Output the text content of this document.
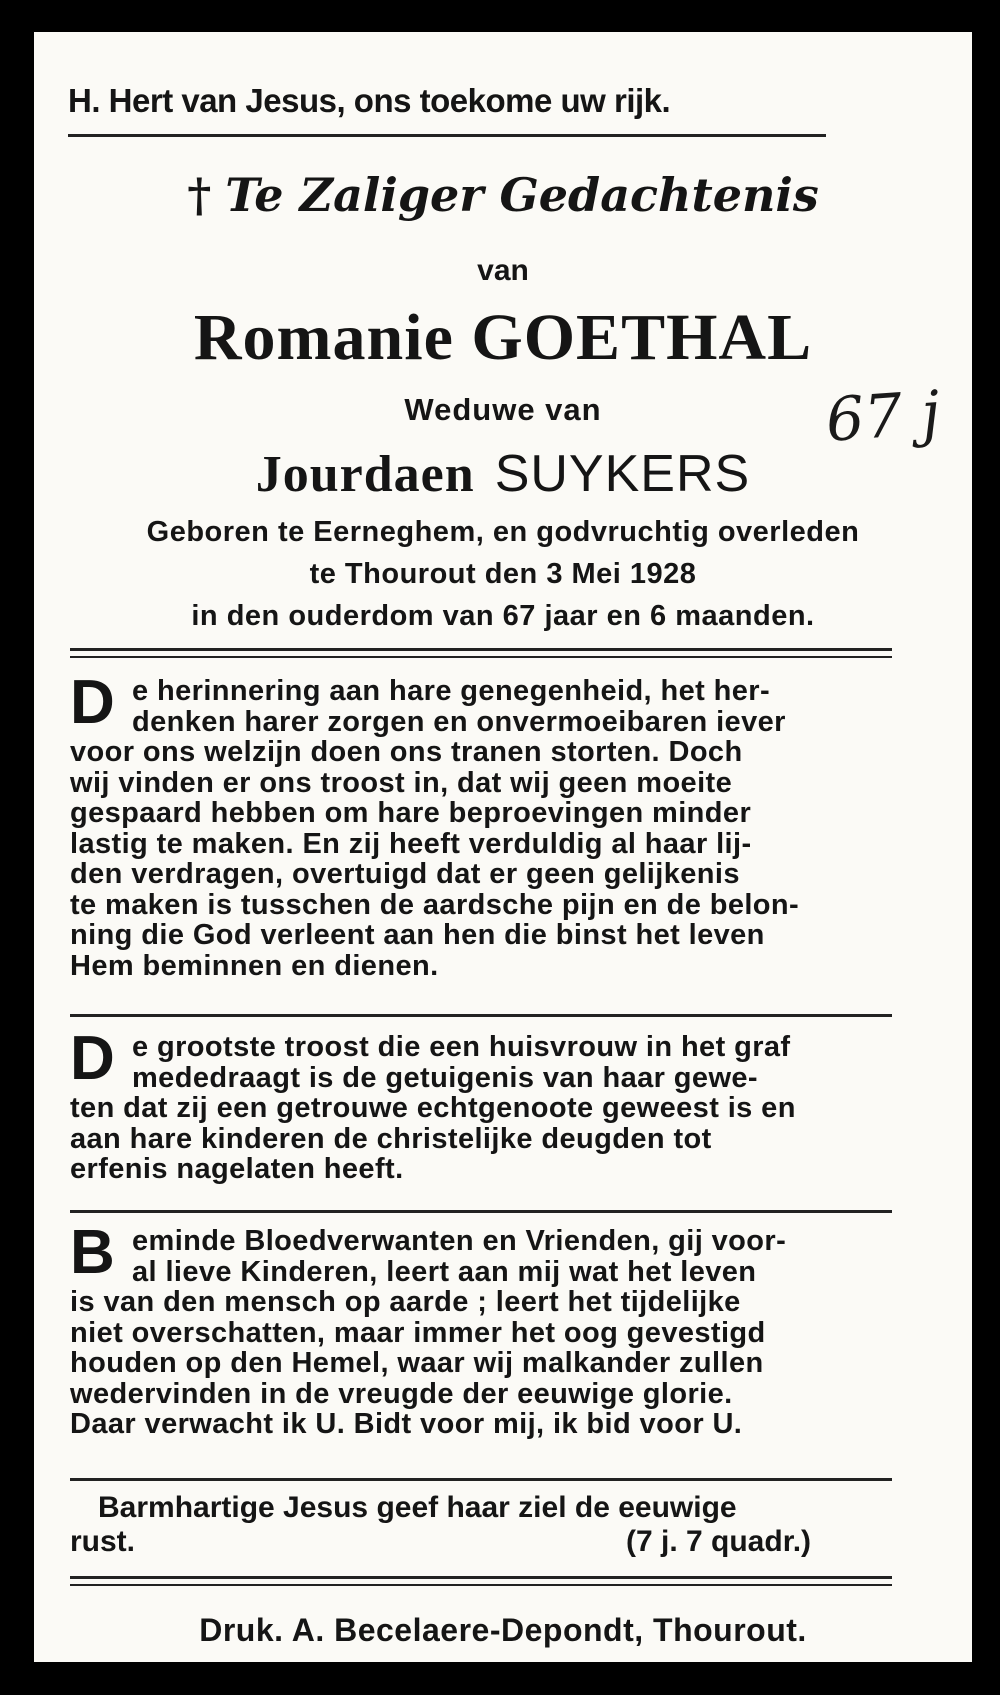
H. Hert van Jesus, ons toekome uw rijk.
† Te Zaliger Gedachtenis
van
Romanie GOETHAL
Weduwe van	67 j
Jourdaen SUYKERS
Geboren te Eerneghem, en godvruchtig overleden
te Thourout den 3 Mei 1928
in den ouderdom van 67 jaar en 6 maanden.
D e herinnering aan hare genegenheid, het her-
denken harer zorgen en onvermoeibaren iever
voor ons welzijn doen ons tranen storten. Doch
wij vinden er ons troost in, dat wij geen moeite
gespaard hebben om hare beproevingen minder
lastig te maken. En zij heeft verduldig al haar lij-
den verdragen, overtuigd dat er geen gelijkenis
te maken is tusschen de aardsche pijn en de belon-
ning die God verleent aan hen die binst het leven
Hem beminnen en dienen.
D e grootste troost die een huisvrouw in het graf
mededraagt is de getuigenis van haar gewe-
ten dat zij een getrouwe echtgenoote geweest is en
aan hare kinderen de christelijke deugden tot
erfenis nagelaten heeft.
B eminde Bloedverwanten en Vrienden, gij voor-
al lieve Kinderen, leert aan mij wat het leven
is van den mensch op aarde ; leert het tijdelijke
niet overschatten, maar immer het oog gevestigd
houden op den Hemel, waar wij malkander zullen
wedervinden in de vreugde der eeuwige glorie.
Daar verwacht ik U. Bidt voor mij, ik bid voor U.
Barmhartige Jesus geef haar ziel de eeuwige
rust.	(7 j. 7 quadr.)
Druk. A. Becelaere-Depondt, Thourout.
